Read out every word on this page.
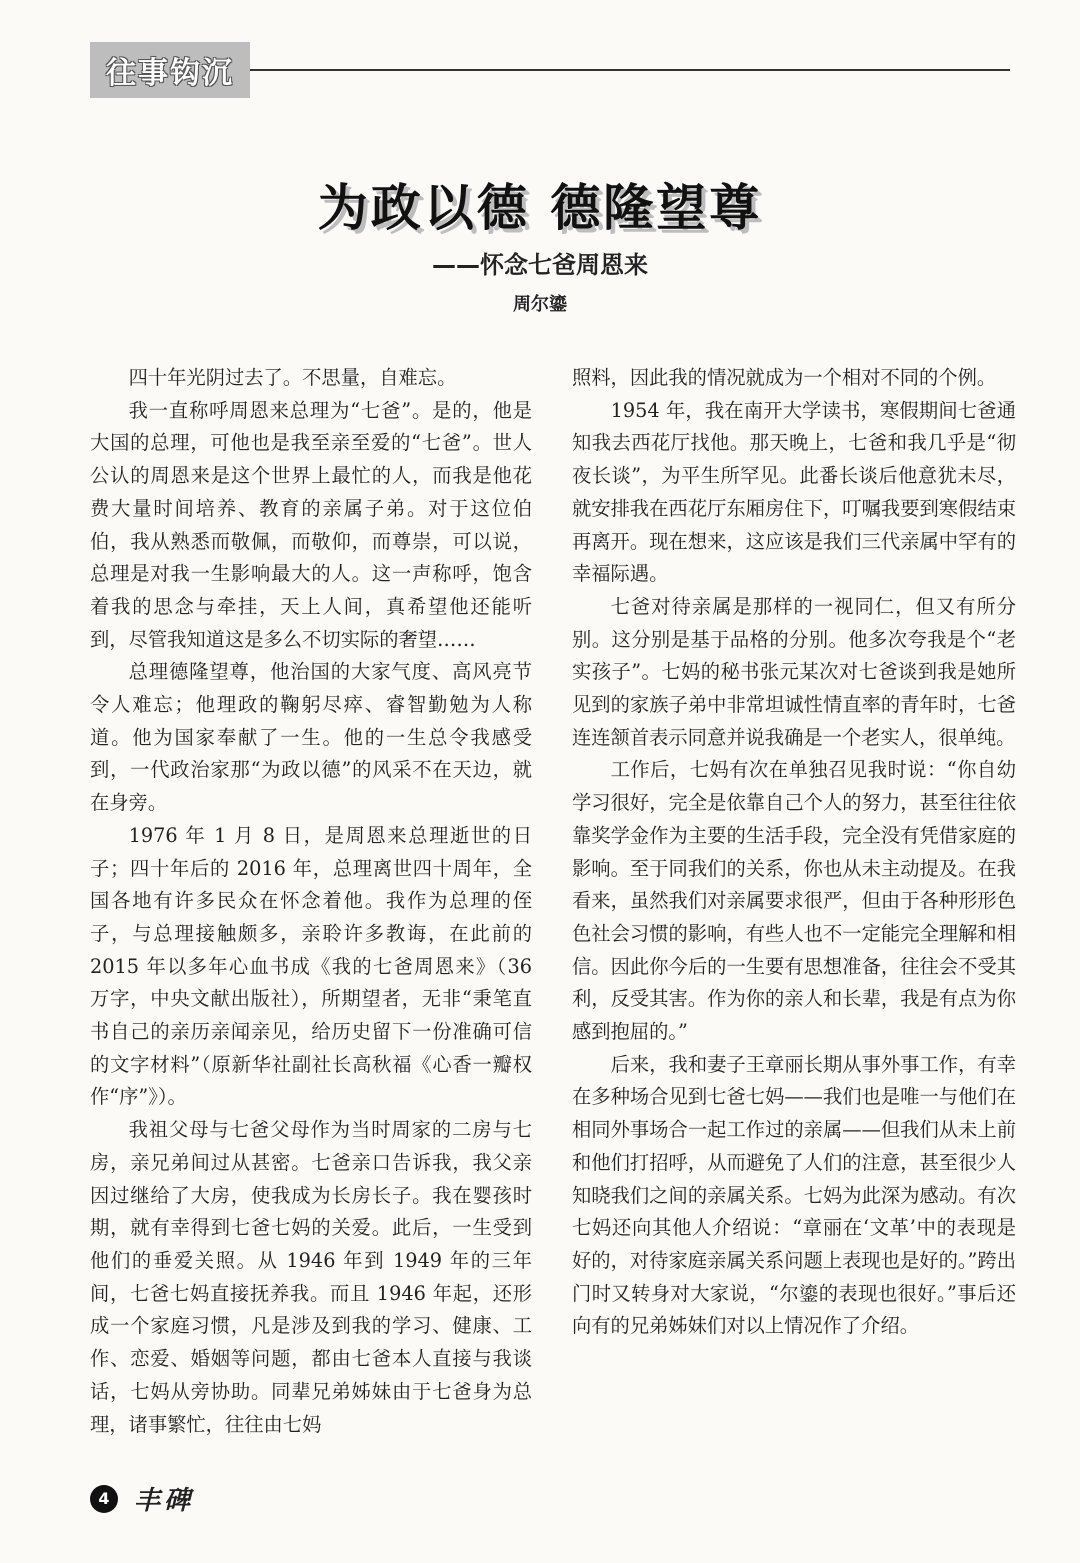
往事钩沉
为政以德 德隆望尊
——怀念七爸周恩来
周尔鎏

四十年光阴过去了。不思量，自难忘。

我一直称呼周恩来总理为“七爸”。是的，他是大国的总理，可他也是我至亲至爱的“七爸”。世人公认的周恩来是这个世界上最忙的人，而我是他花费大量时间培养、教育的亲属子弟。对于这位伯伯，我从熟悉而敬佩，而敬仰，而尊崇，可以说，总理是对我一生影响最大的人。这一声称呼，饱含着我的思念与牵挂，天上人间，真希望他还能听到，尽管我知道这是多么不切实际的奢望……

总理德隆望尊，他治国的大家气度、高风亮节令人难忘；他理政的鞠躬尽瘁、睿智勤勉为人称道。他为国家奉献了一生。他的一生总令我感受到，一代政治家那“为政以德”的风采不在天边，就在身旁。

1976 年 1 月 8 日，是周恩来总理逝世的日子；四十年后的 2016 年，总理离世四十周年，全国各地有许多民众在怀念着他。我作为总理的侄子，与总理接触颇多，亲聆许多教诲，在此前的 2015 年以多年心血书成《我的七爸周恩来》（36 万字，中央文献出版社），所期望者，无非“秉笔直书自己的亲历亲闻亲见，给历史留下一份准确可信的文字材料”（原新华社副社长高秋福《心香一瓣权作“序”》）。

我祖父母与七爸父母作为当时周家的二房与七房，亲兄弟间过从甚密。七爸亲口告诉我，我父亲因过继给了大房，使我成为长房长子。我在婴孩时期，就有幸得到七爸七妈的关爱。此后，一生受到他们的垂爱关照。从 1946 年到 1949 年的三年间，七爸七妈直接抚养我。而且 1946 年起，还形成一个家庭习惯，凡是涉及到我的学习、健康、工作、恋爱、婚姻等问题，都由七爸本人直接与我谈话，七妈从旁协助。同辈兄弟姊妹由于七爸身为总理，诸事繁忙，往往由七妈

照料，因此我的情况就成为一个相对不同的个例。

1954 年，我在南开大学读书，寒假期间七爸通知我去西花厅找他。那天晚上，七爸和我几乎是“彻夜长谈”，为平生所罕见。此番长谈后他意犹未尽，就安排我在西花厅东厢房住下，叮嘱我要到寒假结束再离开。现在想来，这应该是我们三代亲属中罕有的幸福际遇。

七爸对待亲属是那样的一视同仁，但又有所分别。这分别是基于品格的分别。他多次夸我是个“老实孩子”。七妈的秘书张元某次对七爸谈到我是她所见到的家族子弟中非常坦诚性情直率的青年时，七爸连连颔首表示同意并说我确是一个老实人，很单纯。

工作后，七妈有次在单独召见我时说：“你自幼学习很好，完全是依靠自己个人的努力，甚至往往依靠奖学金作为主要的生活手段，完全没有凭借家庭的影响。至于同我们的关系，你也从未主动提及。在我看来，虽然我们对亲属要求很严，但由于各种形形色色社会习惯的影响，有些人也不一定能完全理解和相信。因此你今后的一生要有思想准备，往往会不受其利，反受其害。作为你的亲人和长辈，我是有点为你感到抱屈的。”

后来，我和妻子王章丽长期从事外事工作，有幸在多种场合见到七爸七妈——我们也是唯一与他们在相同外事场合一起工作过的亲属——但我们从未上前和他们打招呼，从而避免了人们的注意，甚至很少人知晓我们之间的亲属关系。七妈为此深为感动。有次七妈还向其他人介绍说：“章丽在‘文革’中的表现是好的，对待家庭亲属关系问题上表现也是好的。”跨出门时又转身对大家说，“尔鎏的表现也很好。”事后还向有的兄弟姊妹们对以上情况作了介绍。

4 丰碑
